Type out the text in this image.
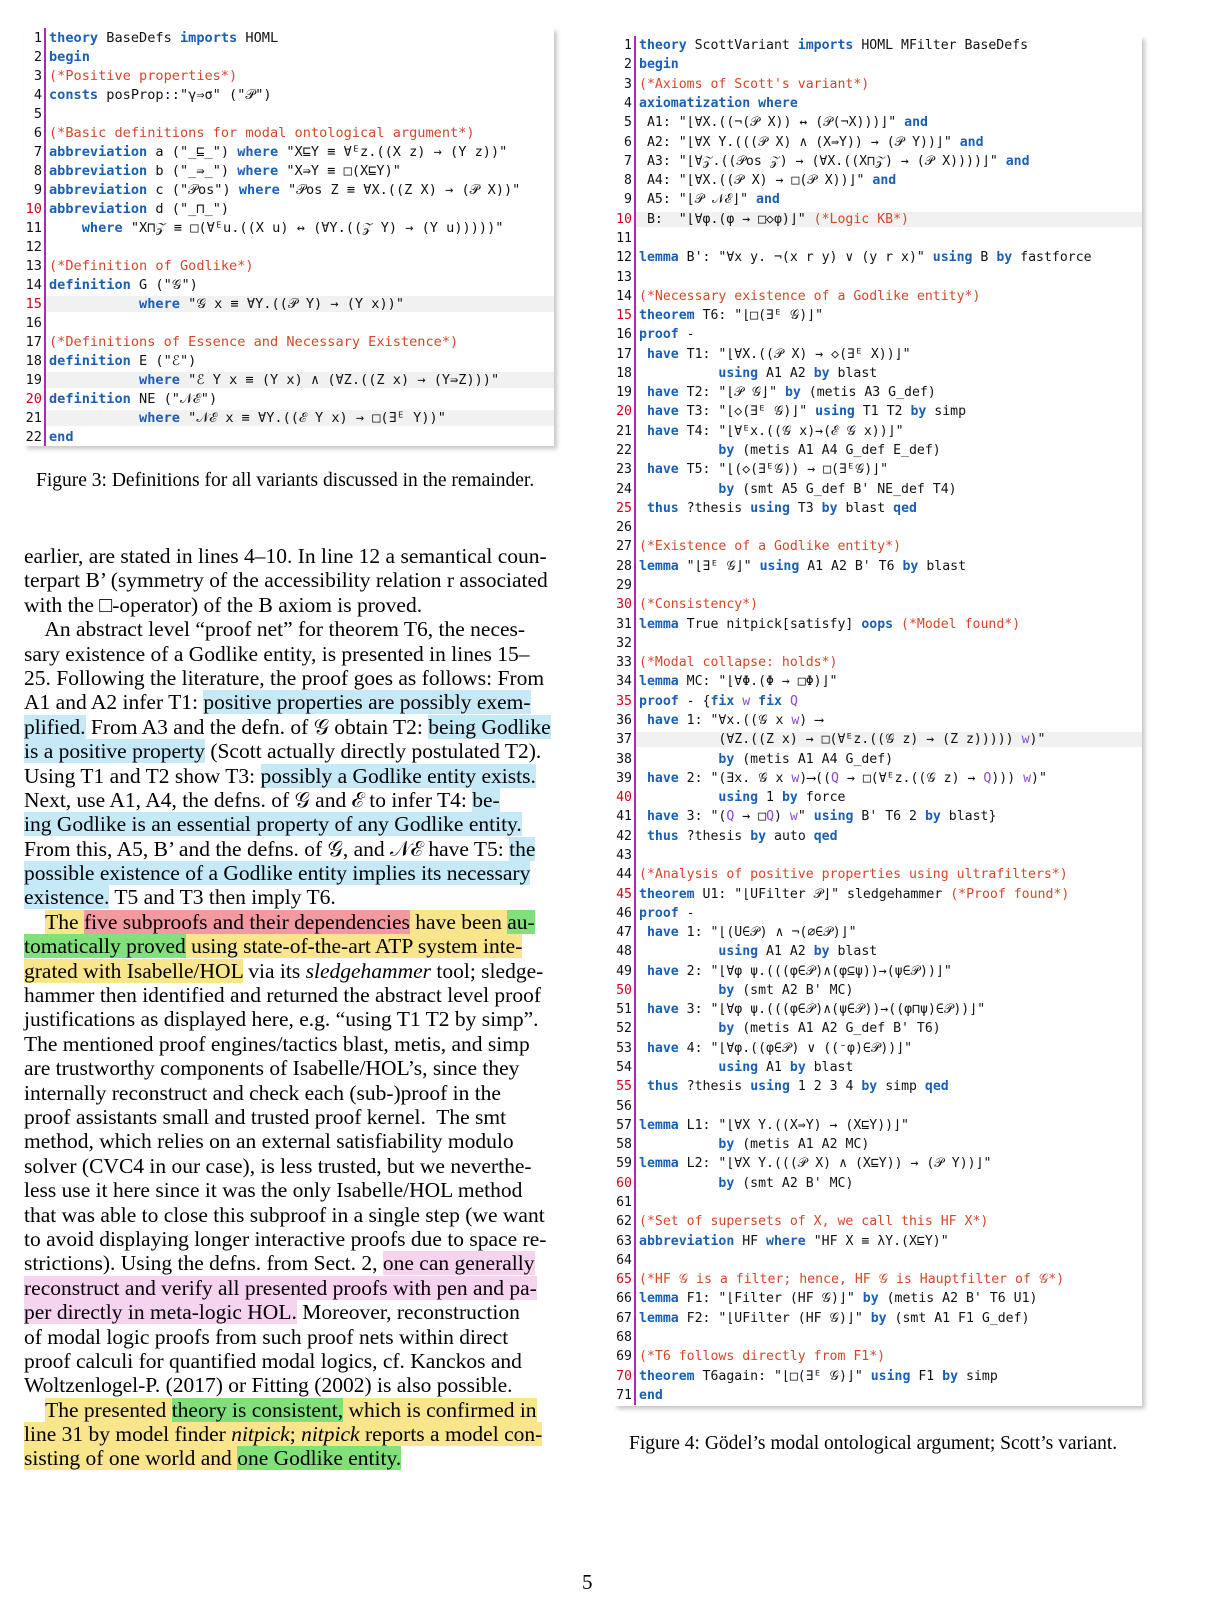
1 theory BaseDefs imports HOML
2 begin
3 (*Positive properties*)
4 consts posProp::"γ⇒σ" ("𝒫")
5
6 (*Basic definitions for modal ontological argument*)
7 abbreviation a ("_⊑_") where "X⊑Y ≡ ∀ᴱz.((X z) → (Y z))"
8 abbreviation b ("_⇛_") where "X⇛Y ≡ □(X⊑Y)"
9 abbreviation c ("𝒫os") where "𝒫os Z ≡ ∀X.((Z X) → (𝒫 X))"
10 abbreviation d ("_⊓_")
11	where "X⊓𝒵 ≡ □(∀ᴱu.((X u) ↔ (∀Y.((𝒵 Y) → (Y u)))))"
12
13 (*Definition of Godlike*)
14 definition G ("𝒢")
15	where "𝒢 x ≡ ∀Y.((𝒫 Y) → (Y x))"
16
17 (*Definitions of Essence and Necessary Existence*)
18 definition E ("ℰ")
19	where "ℰ Y x ≡ (Y x) ∧ (∀Z.((Z x) → (Y⇛Z)))"
20 definition NE ("𝒩ℰ")
21	where "𝒩ℰ x ≡ ∀Y.((ℰ Y x) → □(∃ᴱ Y))"
22 end
Figure 3: Definitions for all variants discussed in the remainder.
1 theory ScottVariant imports HOML MFilter BaseDefs
2 begin
3 (*Axioms of Scott's variant*)
4 axiomatization where
5 A1: "⌊∀X.((¬(𝒫 X)) ↔ (𝒫(¬X)))⌋" and
6 A2: "⌊∀X Y.(((𝒫 X) ∧ (X⇛Y)) → (𝒫 Y))⌋" and
7 A3: "⌊∀𝒵.((𝒫os 𝒵) → (∀X.((X⊓𝒵) → (𝒫 X))))⌋" and
8 A4: "⌊∀X.((𝒫 X) → □(𝒫 X))⌋" and
9 A5: "⌊𝒫 𝒩ℰ⌋" and
10 B:  "⌊∀φ.(φ → □◇φ)⌋" (*Logic KB*)
11
12 lemma B': "∀x y. ¬(x r y) ∨ (y r x)" using B by fastforce
13
14 (*Necessary existence of a Godlike entity*)
15 theorem T6: "⌊□(∃ᴱ 𝒢)⌋"
16 proof -
17	have T1: "⌊∀X.((𝒫 X) → ◇(∃ᴱ X))⌋"
18	using A1 A2 by blast
19	have T2: "⌊𝒫 𝒢⌋" by (metis A3 G_def)
20	have T3: "⌊◇(∃ᴱ 𝒢)⌋" using T1 T2 by simp
21	have T4: "⌊∀ᴱx.((𝒢 x)→(ℰ 𝒢 x))⌋"
22	by (metis A1 A4 G_def E_def)
23	have T5: "⌊(◇(∃ᴱ𝒢)) → □(∃ᴱ𝒢)⌋"
24	by (smt A5 G_def B' NE_def T4)
25	thus ?thesis using T3 by blast qed
26
27 (*Existence of a Godlike entity*)
28 lemma "⌊∃ᴱ 𝒢⌋" using A1 A2 B' T6 by blast
29
30 (*Consistency*)
31 lemma True nitpick[satisfy] oops (*Model found*)
32
33 (*Modal collapse: holds*)
34 lemma MC: "⌊∀Φ.(Φ → □Φ)⌋"
35 proof - {fix w fix Q
36	have 1: "∀x.((𝒢 x w) ⟶
37 (∀Z.((Z x) → □(∀ᴱz.((𝒢 z) → (Z z))))) w)"
38	by (metis A1 A4 G_def)
39	have 2: "(∃x. 𝒢 x w)⟶((Q → □(∀ᴱz.((𝒢 z) → Q))) w)"
40	using 1 by force
41	have 3: "(Q → □Q) w" using B' T6 2 by blast}
42	thus ?thesis by auto qed
43
44 (*Analysis of positive properties using ultrafilters*)
45 theorem U1: "⌊UFilter 𝒫⌋" sledgehammer (*Proof found*)
46 proof -
47	have 1: "⌊(U∈𝒫) ∧ ¬(∅∈𝒫)⌋"
48	using A1 A2 by blast
49	have 2: "⌊∀φ ψ.(((φ∈𝒫)∧(φ⊆ψ))→(ψ∈𝒫))⌋"
50	by (smt A2 B' MC)
51	have 3: "⌊∀φ ψ.(((φ∈𝒫)∧(ψ∈𝒫))→((φ⊓ψ)∈𝒫))⌋"
52	by (metis A1 A2 G_def B' T6)
53	have 4: "⌊∀φ.((φ∈𝒫) ∨ ((⁻φ)∈𝒫))⌋"
54	using A1 by blast
55	thus ?thesis using 1 2 3 4 by simp qed
56
57 lemma L1: "⌊∀X Y.((X⇛Y) → (X⊑Y))⌋"
58	by (metis A1 A2 MC)
59 lemma L2: "⌊∀X Y.(((𝒫 X) ∧ (X⊑Y)) → (𝒫 Y))⌋"
60	by (smt A2 B' MC)
61
62 (*Set of supersets of X, we call this HF X*)
63 abbreviation HF where "HF X ≡ λY.(X⊑Y)"
64
65 (*HF 𝒢 is a filter; hence, HF 𝒢 is Hauptfilter of 𝒢*)
66 lemma F1: "⌊Filter (HF 𝒢)⌋" by (metis A2 B' T6 U1)
67 lemma F2: "⌊UFilter (HF 𝒢)⌋" by (smt A1 F1 G_def)
68
69 (*T6 follows directly from F1*)
70 theorem T6again: "⌊□(∃ᴱ 𝒢)⌋" using F1 by simp
71 end
Figure 4: Gödel’s modal ontological argument; Scott’s variant.
earlier, are stated in lines 4–10. In line 12 a semantical coun-
terpart B’ (symmetry of the accessibility relation r associated
with the □-operator) of the B axiom is proved.
An abstract level “proof net” for theorem T6, the neces-
sary existence of a Godlike entity, is presented in lines 15–
25. Following the literature, the proof goes as follows: From
A1 and A2 infer T1: positive properties are possibly exem-
plified. From A3 and the defn. of 𝒢 obtain T2: being Godlike
is a positive property (Scott actually directly postulated T2).
Using T1 and T2 show T3: possibly a Godlike entity exists.
Next, use A1, A4, the defns. of 𝒢 and ℰ to infer T4: be-
ing Godlike is an essential property of any Godlike entity.
From this, A5, B’ and the defns. of 𝒢, and 𝒩ℰ have T5: the
possible existence of a Godlike entity implies its necessary
existence. T5 and T3 then imply T6.
The five subproofs and their dependencies have been au-
tomatically proved using state-of-the-art ATP system inte-
grated with Isabelle/HOL via its sledgehammer tool; sledge-
hammer then identified and returned the abstract level proof
justifications as displayed here, e.g. “using T1 T2 by simp”.
The mentioned proof engines/tactics blast, metis, and simp
are trustworthy components of Isabelle/HOL’s, since they
internally reconstruct and check each (sub-)proof in the
proof assistants small and trusted proof kernel.  The smt
method, which relies on an external satisfiability modulo
solver (CVC4 in our case), is less trusted, but we neverthe-
less use it here since it was the only Isabelle/HOL method
that was able to close this subproof in a single step (we want
to avoid displaying longer interactive proofs due to space re-
strictions). Using the defns. from Sect. 2, one can generally
reconstruct and verify all presented proofs with pen and pa-
per directly in meta-logic HOL. Moreover, reconstruction
of modal logic proofs from such proof nets within direct
proof calculi for quantified modal logics, cf. Kanckos and
Woltzenlogel-P. (2017) or Fitting (2002) is also possible.
The presented theory is consistent, which is confirmed in
line 31 by model finder nitpick; nitpick reports a model con-
sisting of one world and one Godlike entity.
5
